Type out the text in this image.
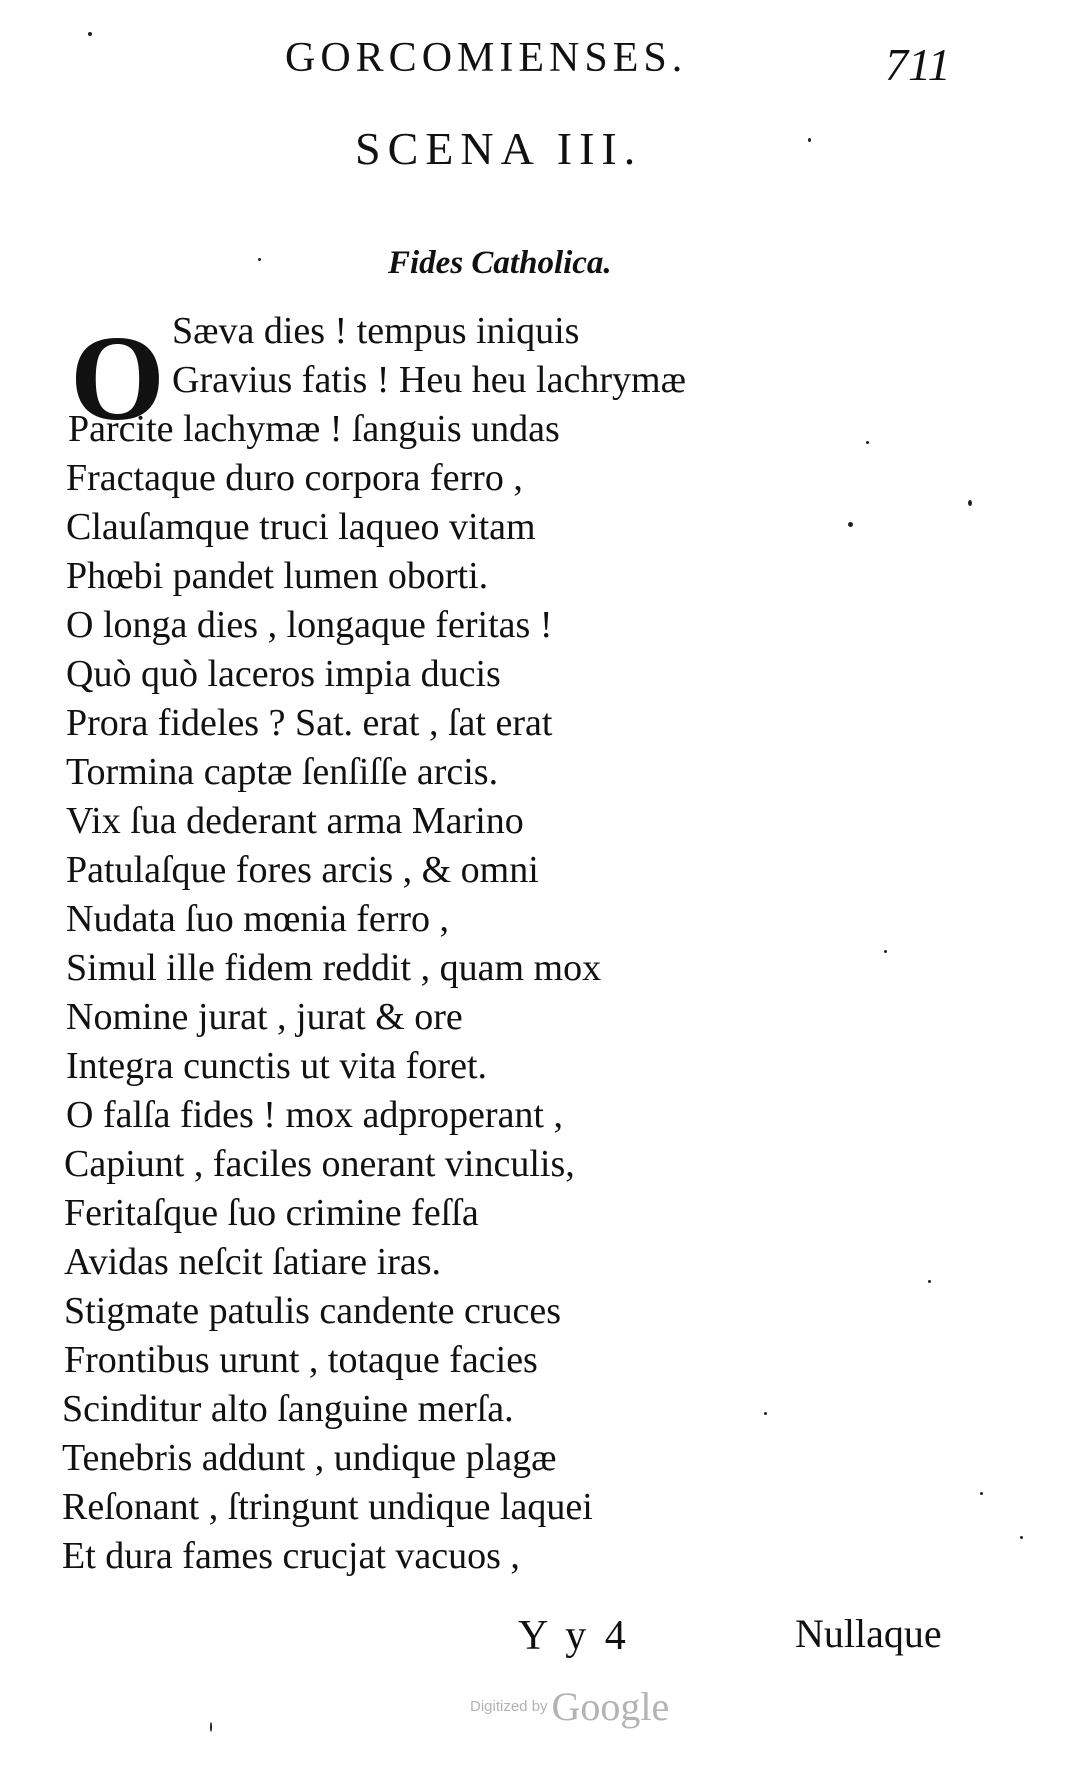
GORCOMIENSES.	711
SCENA III.
Fides Catholica.
O Sæva dies ! tempus iniquis
Gravius fatis ! Heu heu lachrymæ
Parcite lachymæ ! ſanguis undas
Fractaque duro corpora ferro ,
Clauſamque truci laqueo vitam
Phœbi pandet lumen oborti.
O longa dies , longaque feritas !
Quò quò laceros impia ducis
Prora fideles ? Sat. erat , ſat erat
Tormina captæ ſenſiſſe arcis.
Vix ſua dederant arma Marino
Patulaſque fores arcis , & omni
Nudata ſuo mœnia ferro ,
Simul ille fidem reddit , quam mox
Nomine jurat , jurat & ore
Integra cunctis ut vita foret.
O falſa fides ! mox adproperant ,
Capiunt , faciles onerant vinculis,
Feritaſque ſuo crimine feſſa
Avidas neſcit ſatiare iras.
Stigmate patulis candente cruces
Frontibus urunt , totaque facies
Scinditur alto ſanguine merſa.
Tenebris addunt , undique plagæ
Reſonant , ſtringunt undique laquei
Et dura fames crucjat vacuos ,
Y y 4	Nullaque
Digitized by Google
